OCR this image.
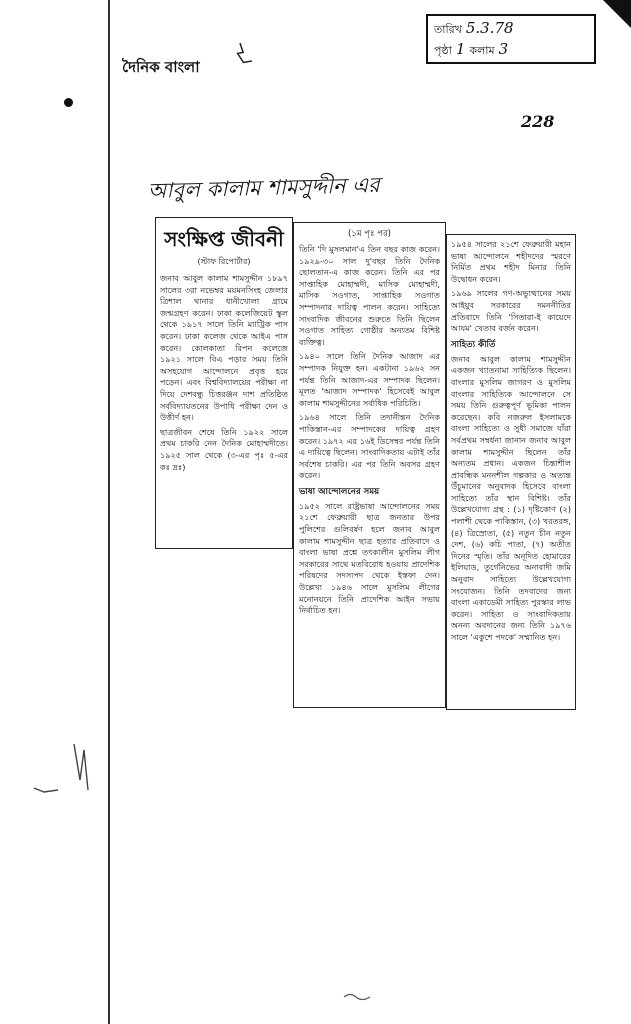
দৈনিক বাংলা
তারিখ 5.3.78
পৃষ্ঠা 1 কলাম 3
228
আবুল কালাম শামসুদ্দীন এর
সংক্ষিপ্ত জীবনী
(স্টাফ রিপোর্টার)

জনাব আবুল কালাম শামসুদ্দীন ১৮৯৭ সালের ৩রা নভেম্বর ময়মনসিংহ জেলার ত্রিশাল থানার ধানীখোলা গ্রামে জন্মগ্রহণ করেন। ঢাকা কলেজিয়েট স্কুল থেকে ১৯১৭ সালে তিনি ম্যাট্রিক পাস করেন। ঢাকা কলেজ থেকে আইএ পাস করেন। কোলকাতা রিপন কলেজে ১৯২১ সালে বিএ পড়ার সময় তিনি অসহযোগ আন্দোলনে প্রবৃত্ত হয়ে পড়েন। এবং বিশ্ববিদ্যালয়ের পরীক্ষা না দিয়ে দেশবন্ধু চিত্তরঞ্জন দাশ প্রতিষ্ঠিত সর্ববিদ্যায়তনের উপাধি পরীক্ষা দেন ও উত্তীর্ণ হন।

ছাত্রজীবন শেষে তিনি ১৯২২ সালে প্রথম চাকরি নেন দৈনিক মোহাম্মদীতে। ১৯২৫ সাল থেকে (৩-এর পৃঃ ৫-এর কঃ দ্রঃ)

(১ম পৃঃ পর)

তিনি 'দি মুসলমান'এ তিন বছর কাজ করেন। ১৯২৯-৩০ সাল দু'বছর তিনি দৈনিক ছোলতান-এ কাজ করেন। তিনি এর পর সাপ্তাহিক মোহাম্মদী, মাসিক মোহাম্মদী, মাসিক সওগাত, সাপ্তাহিক সওগাত সম্পাদনার দায়িত্ব পালন করেন। সাহিত্যে সাংবাদিক জীবনের শুরুতে তিনি ছিলেন সওগাত সাহিত্য গোষ্ঠীর অন্যতম বিশিষ্ট ব্যক্তিত্ব।

১৯৪০ সালে তিনি দৈনিক আজাদ এর সম্পাদক নিযুক্ত হন। একটানা ১৯৬২ সন পর্যন্ত তিনি আজাদ-এর সম্পাদক ছিলেন। মূলত 'আজাদ সম্পাদক' হিসেবেই আবুল কালাম শামসুদ্দীনের সর্বাধিক পরিচিতি।

১৯৬৪ সালে তিনি তদানীন্তন দৈনিক পাকিস্তান-এর সম্পাদকের দায়িত্ব গ্রহণ করেন। ১৯৭২ এর ১৬ই ডিসেম্বর পর্যন্ত তিনি এ দায়িত্বে ছিলেন। সাংবাদিকতায় এটাই তাঁর সর্বশেষ চাকরি। এর পর তিনি অবসর গ্রহণ করেন।

ভাষা আন্দোলনের সময়

১৯৫২ সালে রাষ্ট্রভাষা আন্দোলনের সময় ২১শে ফেব্রুয়ারী ছাত্র জনতার উপর পুলিশের গুলিবর্ষণ হলে জনাব আবুল কালাম শামসুদ্দীন ছাত্র হত্যার প্রতিবাদে ও বাংলা ভাষা প্রশ্নে তৎকালীন মুসলিম লীগ সরকারের সাথে মতবিরোধ হওয়ায় প্রাদেশিক পরিষদের সদস্যপদ থেকে ইস্তফা দেন। উল্লেখ্য ১৯৪৬ সালে মুসলিম লীগের মনোনয়নে তিনি প্রাদেশিক আইন সভায় নির্বাচিত হন।

১৯৫৪ সালের ২১শে ফেব্রুয়ারী মহান ভাষা আন্দোলনে শহীদদের স্মরণে নির্মিত প্রথম শহীদ মিনার তিনি উদ্বোধন করেন।

১৯৬৯ সালের গণ-অভ্যুত্থানের সময় আইয়ুব সরকারের দমননীতির প্রতিবাদে তিনি 'সিতারা-ই কায়েদে আযম' খেতাব বর্জন করেন।

সাহিত্য কীর্তি

জনাব আবুল কালাম শামসুদ্দীন একজন খ্যাতনামা সাহিত্যিক ছিলেন। বাংলার মুসলিম জাগরণ ও মুসলিম বাংলার সাহিত্যিক আন্দোলনে সে সময় তিনি গুরুত্বপূর্ণ ভূমিকা পালন করেছেন। কবি নজরুল ইসলামকে বাংলা সাহিত্যে ও সুধী সমাজে যাঁরা সর্বপ্রথম সম্বর্ধনা জানান জনাব আবুল কালাম শামসুদ্দীন ছিলেন তাঁর অন্যতম প্রধান। একজন চিন্তাশীল প্রাবন্ধিক মননশীল গল্পকার ও অত্যন্ত উঁচুমানের অনুবাদক হিসেবে বাংলা সাহিত্যে তাঁর স্থান বিশিষ্ট। তাঁর উল্লেখযোগ্য গ্রন্থ : (১) দৃষ্টিকোণ (২) পলাশী থেকে পাকিস্তান, (৩) খরতরঙ্গ, (৪) ত্রিস্রোতা, (৫) নতুন চীন নতুন দেশ, (৬) কচি পাতা, (৭) অতীত দিনের স্মৃতি। তাঁর অনূদিত হোমারের ইলিয়াড, তুর্গেনিভের অনাবাদী জমি অনুবাদ সাহিত্যে উল্লেখযোগ্য সংযোজন। তিনি তদবাদের জন্য বাংলা একাডেমী সাহিত্য পুরস্কার লাভ করেন। সাহিত্য ও সাংবাদিকতায় অনন্য অবদানের জন্য তিনি ১৯৭৬ সালে 'একুশে পদকে' সম্মানিত হন।
